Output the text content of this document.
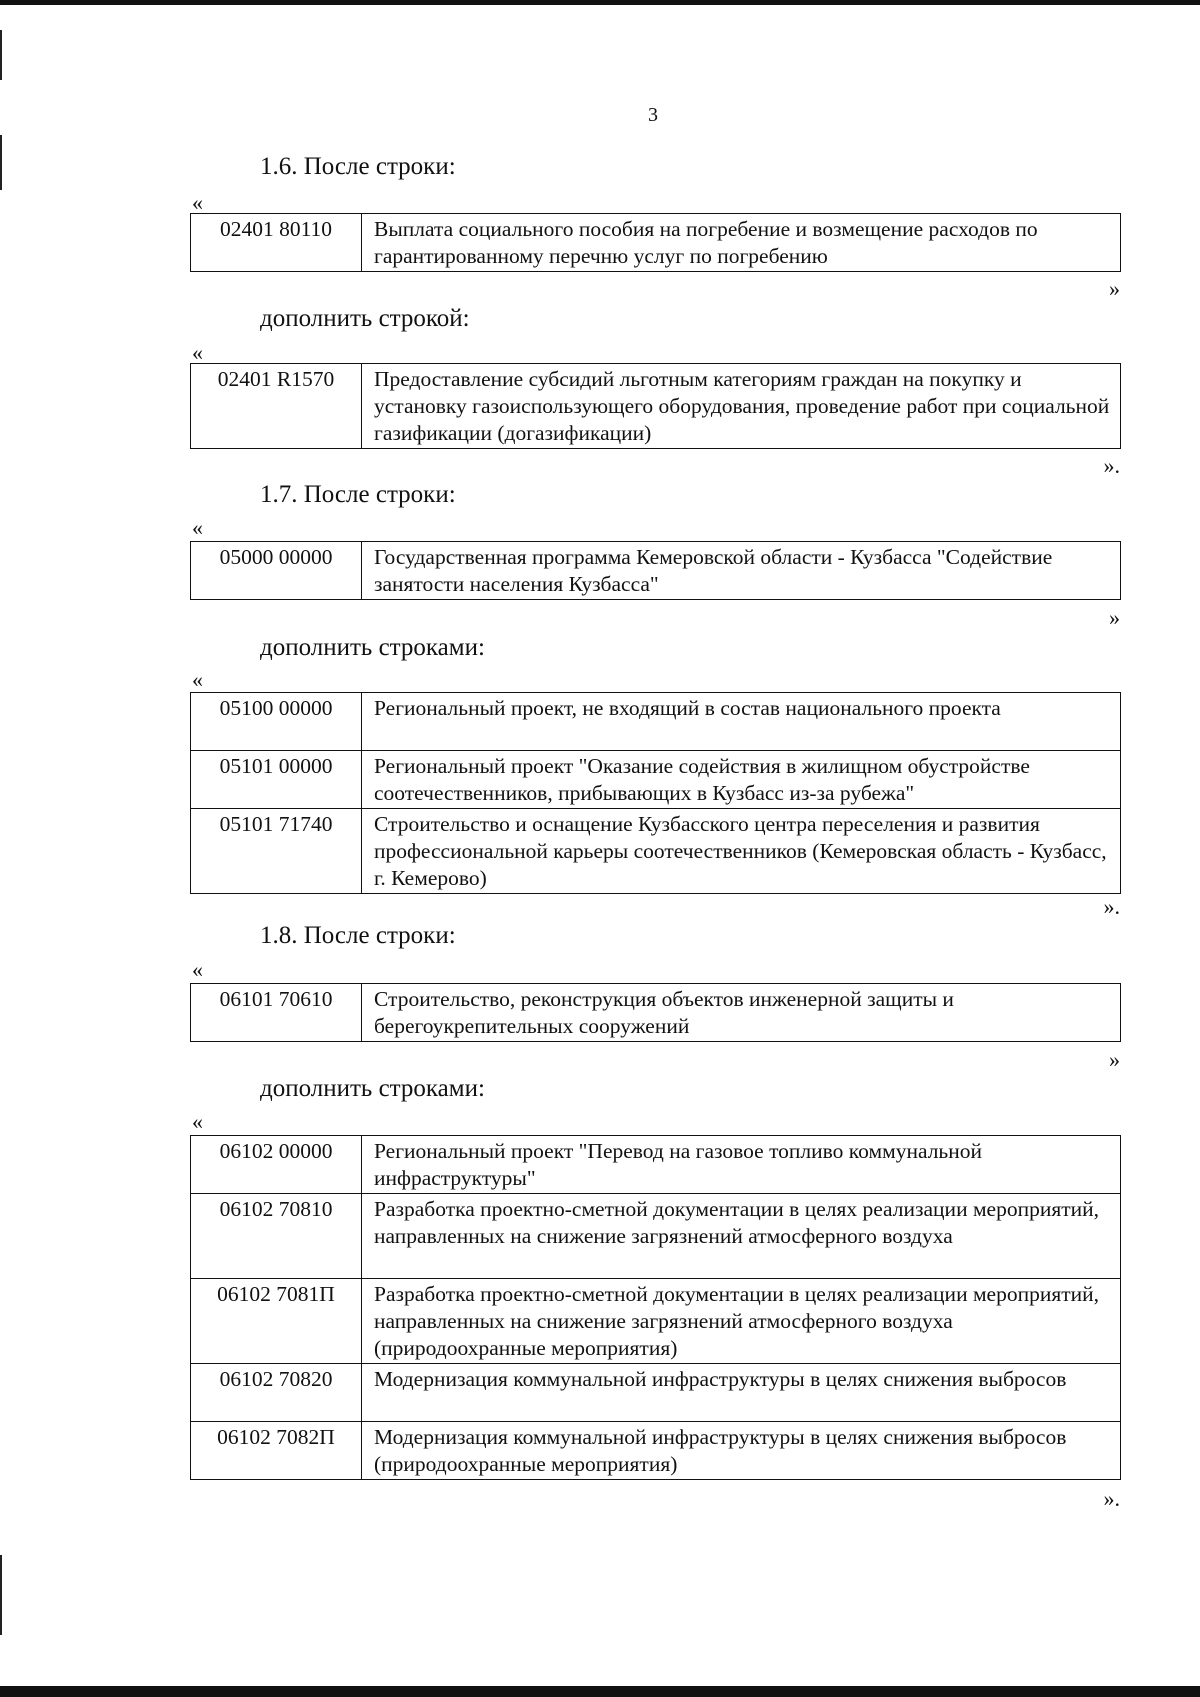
3
1.6. После строки:
«
02401 80110	Выплата социального пособия на погребение и возмещение расходов по гарантированному перечню услуг по погребению
»
дополнить строкой:
«
02401 R1570	Предоставление субсидий льготным категориям граждан на покупку и установку газоиспользующего оборудования, проведение работ при социальной газификации (догазификации)
».
1.7. После строки:
«
05000 00000	Государственная программа Кемеровской области - Кузбасса "Содействие занятости населения Кузбасса"
»
дополнить строками:
«
05100 00000	Региональный проект, не входящий в состав национального проекта
05101 00000	Региональный проект "Оказание содействия в жилищном обустройстве соотечественников, прибывающих в Кузбасс из-за рубежа"
05101 71740	Строительство и оснащение Кузбасского центра переселения и развития профессиональной карьеры соотечественников (Кемеровская область - Кузбасс, г. Кемерово)
».
1.8. После строки:
«
06101 70610	Строительство, реконструкция объектов инженерной защиты и берегоукрепительных сооружений
»
дополнить строками:
«
06102 00000	Региональный проект "Перевод на газовое топливо коммунальной инфраструктуры"
06102 70810	Разработка проектно-сметной документации в целях реализации мероприятий, направленных на снижение загрязнений атмосферного воздуха
06102 7081П	Разработка проектно-сметной документации в целях реализации мероприятий, направленных на снижение загрязнений атмосферного воздуха (природоохранные мероприятия)
06102 70820	Модернизация коммунальной инфраструктуры в целях снижения выбросов
06102 7082П	Модернизация коммунальной инфраструктуры в целях снижения выбросов (природоохранные мероприятия)
».
